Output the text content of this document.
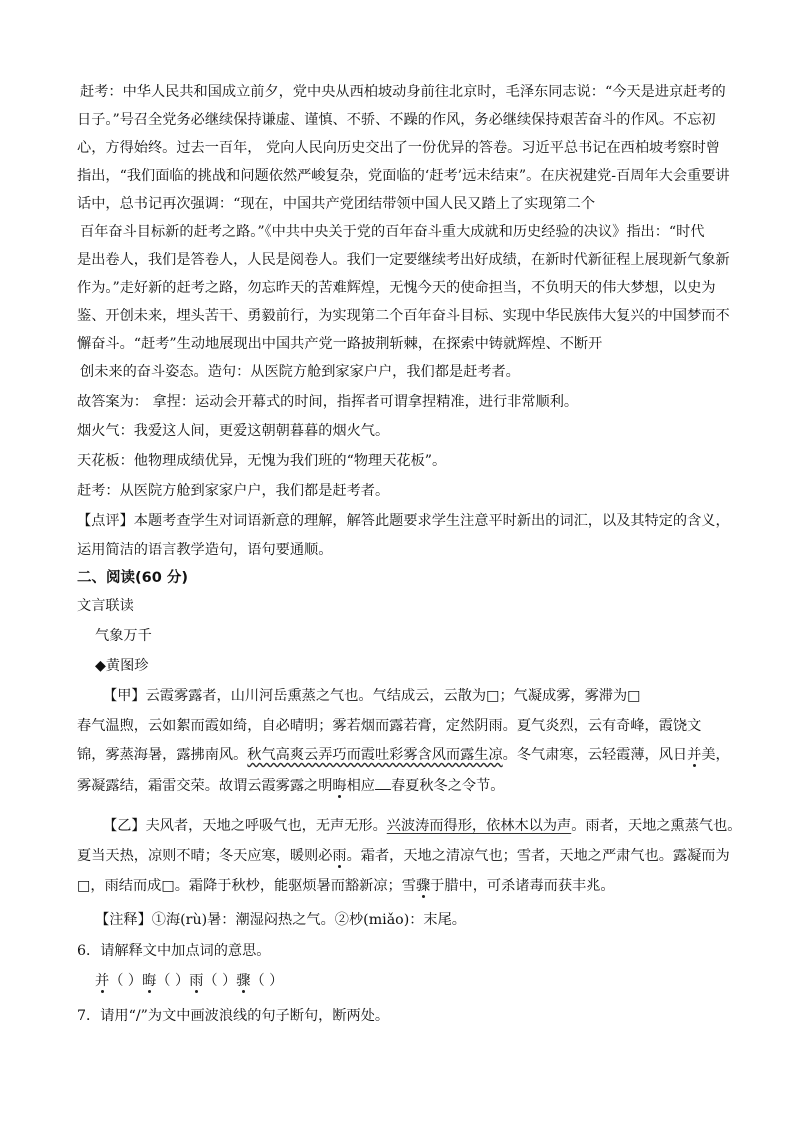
赶考：中华人民共和国成立前夕，党中央从西柏坡动身前往北京时，毛泽东同志说：“今天是进京赶考的
日子。”号召全党务必继续保持谦虚、谨慎、不骄、不躁的作风，务必继续保持艰苦奋斗的作风。不忘初
心，方得始终。过去一百年， 党向人民向历史交出了一份优异的答卷。习近平总书记在西柏坡考察时曾
指出，“我们面临的挑战和问题依然严峻复杂，党面临的‘赶考’远未结束”。在庆祝建党-百周年大会重要讲
话中，总书记再次强调：“现在，中国共产党团结带领中国人民又踏上了实现第二个
百年奋斗目标新的赶考之路。”《中共中央关于党的百年奋斗重大成就和历史经验的决议》指出：“时代
是出卷人，我们是答卷人，人民是阅卷人。我们一定要继续考出好成绩，在新时代新征程上展现新气象新
作为。”走好新的赶考之路，勿忘昨天的苦难辉煌，无愧今天的使命担当，不负明天的伟大梦想，以史为
鉴、开创未来，埋头苦干、勇毅前行，为实现第二个百年奋斗目标、实现中华民族伟大复兴的中国梦而不
懈奋斗。“赶考”生动地展现出中国共产党一路披荆斩棘，在探索中铸就辉煌、不断开
创未来的奋斗姿态。造句：从医院方舱到家家户户，我们都是赶考者。
故答案为： 拿捏：运动会开幕式的时间，指挥者可谓拿捏精准，进行非常顺利。
烟火气：我爱这人间，更爱这朝朝暮暮的烟火气。
天花板：他物理成绩优异，无愧为我们班的“物理天花板”。
赶考：从医院方舱到家家户户，我们都是赶考者。
【点评】本题考查学生对词语新意的理解，解答此题要求学生注意平时新出的词汇，以及其特定的含义，
运用简洁的语言教学造句，语句要通顺。
二、阅读(60 分)
文言联读
气象万千
◆黄图珍
【甲】云霞雾露者，山川河岳熏蒸之气也。气结成云，云散为□；气凝成雾，雾滞为□
春气温煦，云如絮而霞如绮，自必晴明；雾若烟而露若膏，定然阴雨。夏气炎烈，云有奇峰，霞饶文
锦，雾蒸海暑，露拂南风。秋气高爽云弄巧而霞吐彩雾含风而露生凉。冬气肃寒，云轻霞薄，风日并美，
雾凝露结，霜雷交荣。故谓云霞雾露之明晦相应 春夏秋冬之令节。
【乙】夫风者，天地之呼吸气也，无声无形。兴波涛而得形，依林木以为声。雨者，天地之熏蒸气也。
夏当天热，凉则不晴；冬天应寒，暖则必雨。霜者，天地之清凉气也；雪者，天地之严肃气也。露凝而为
□，雨结而成□。霜降于秋杪，能驱烦暑而豁新凉；雪骤于腊中，可杀诸毒而获丰兆。
【注释】①海(rù)暑：潮湿闷热之气。②杪(miǎo)：末尾。
6．请解释文中加点词的意思。
并（ ）晦（ ）雨（ ）骤（ ）
7．请用“/”为文中画波浪线的句子断句，断两处。
